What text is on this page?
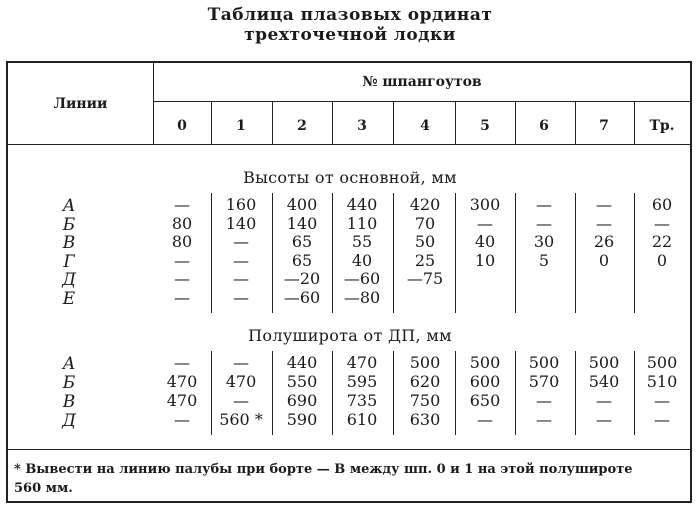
Таблица плазовых ординат
трехточечной лодки
Линии
№ шпангоутов
0	1	2	3	4	5	6	7	Тр.
Высоты от основной, мм
Полуширота от ДП, мм
А	—	160	400	440	420	300	—	—	60
Б	80	140	140	110	70	—	—	—	—
В	80	—	65	55	50	40	30	26	22
Г	—	—	65	40	25	10	5	0	0
Д	—	—	—20	—60	—75
Е	—	—	—60	—80
А	—	—	440	470	500	500	500	500	500
Б	470	470	550	595	620	600	570	540	510
В	470	—	690	735	750	650	—	—	—
Д	—	560 *	590	610	630	—	—	—	—
* Вывести на линию палубы при борте — В между шп. 0 и 1 на этой полушироте
560 мм.
